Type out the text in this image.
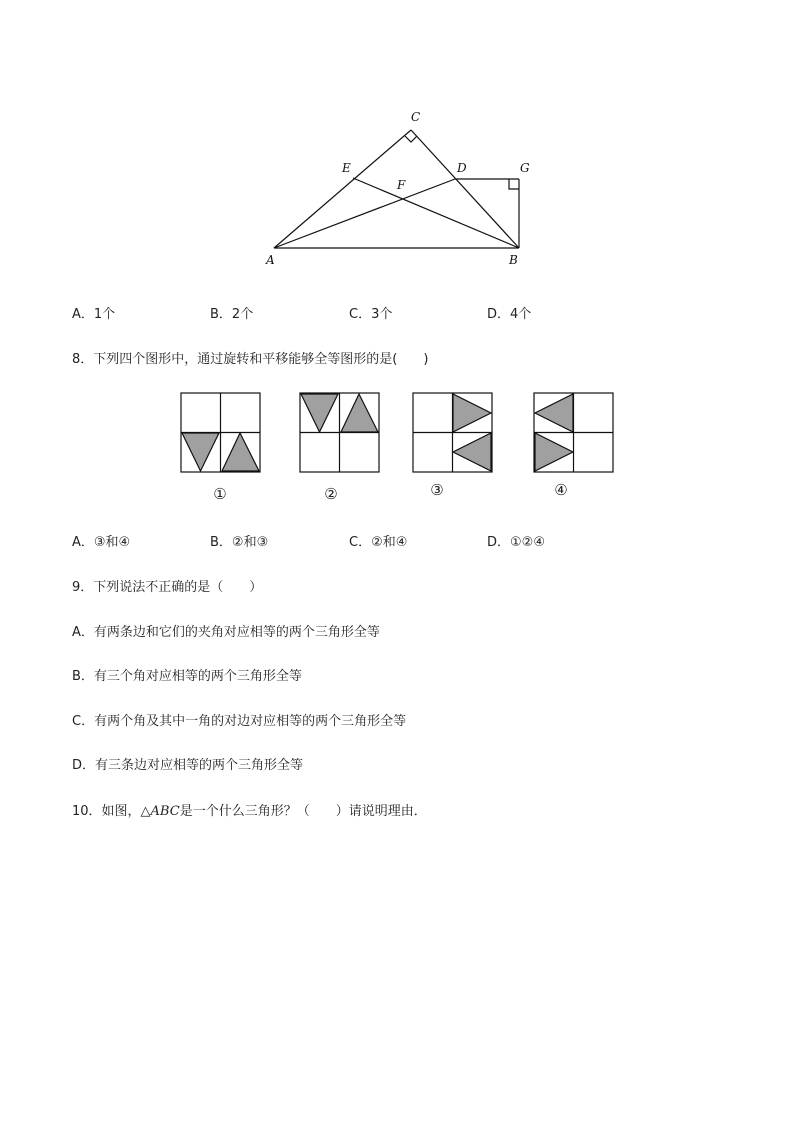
C
E
F
D	G
A	B
A．1个	B．2个	C．3个	D．4个
8．下列四个图形中，通过旋转和平移能够全等图形的是(　　)
①	②	③	④
A．③和④	B．②和③	C．②和④	D．①②④
9．下列说法不正确的是（　　）
A．有两条边和它们的夹角对应相等的两个三角形全等
B．有三个角对应相等的两个三角形全等
C．有两个角及其中一角的对边对应相等的两个三角形全等
D．有三条边对应相等的两个三角形全等
10．如图，△ABC是一个什么三角形？（　　）请说明理由．
